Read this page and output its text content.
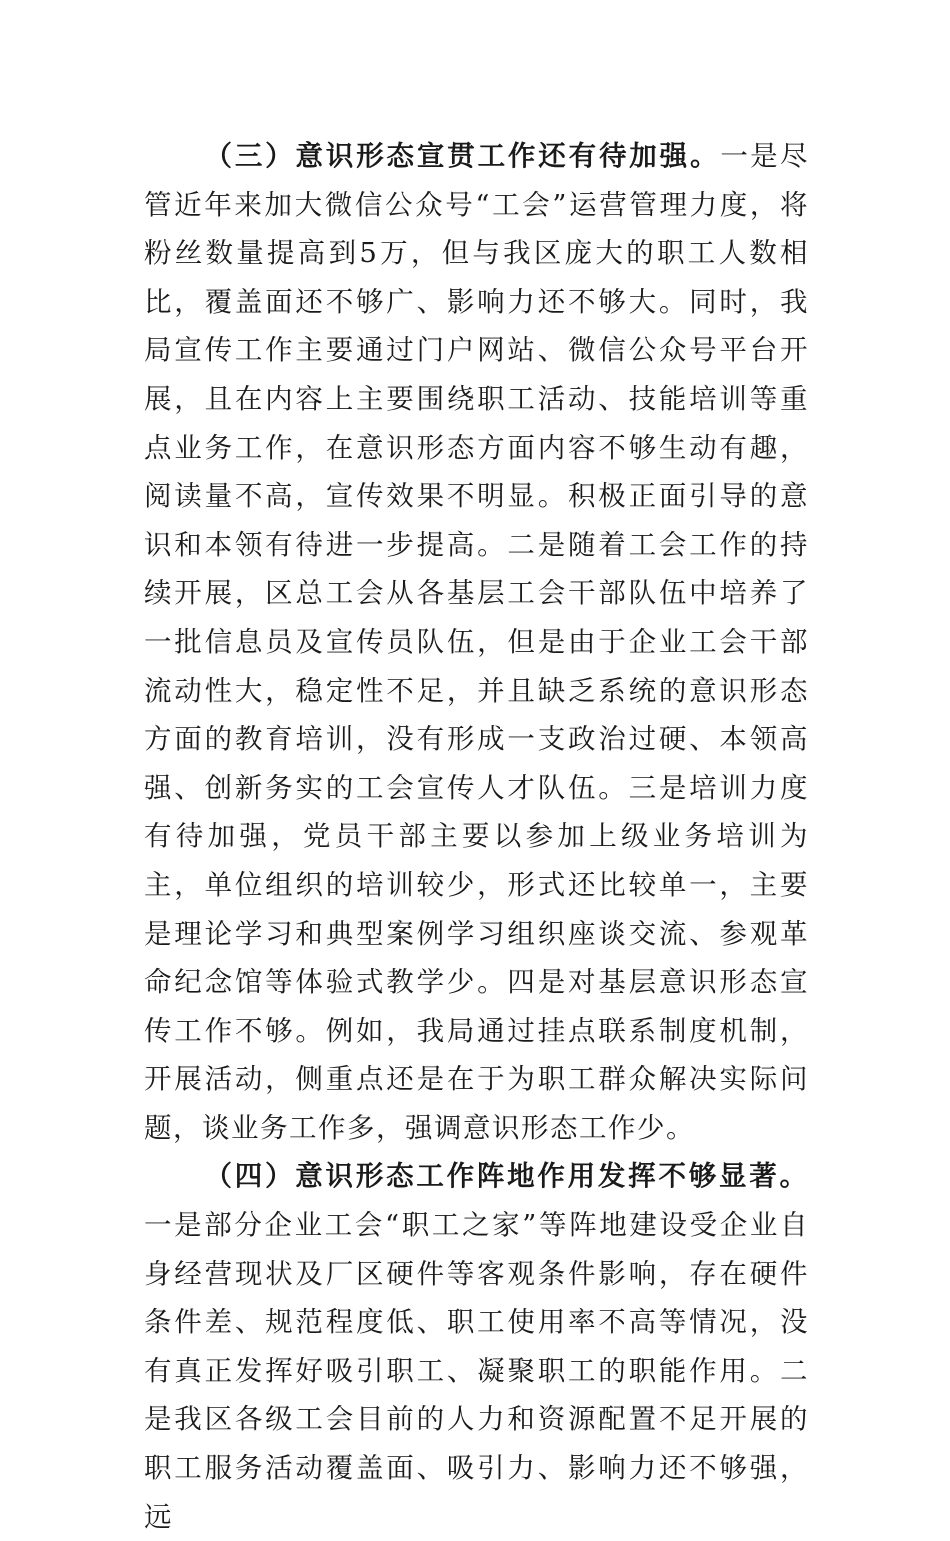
（三）意识形态宣贯工作还有待加强。一是尽管近年来加大微信公众号“工会”运营管理力度，将粉丝数量提高到5万，但与我区庞大的职工人数相比，覆盖面还不够广、影响力还不够大。同时，我局宣传工作主要通过门户网站、微信公众号平台开展，且在内容上主要围绕职工活动、技能培训等重点业务工作，在意识形态方面内容不够生动有趣，阅读量不高，宣传效果不明显。积极正面引导的意识和本领有待进一步提高。二是随着工会工作的持续开展，区总工会从各基层工会干部队伍中培养了一批信息员及宣传员队伍，但是由于企业工会干部流动性大，稳定性不足，并且缺乏系统的意识形态方面的教育培训，没有形成一支政治过硬、本领高强、创新务实的工会宣传人才队伍。三是培训力度有待加强，党员干部主要以参加上级业务培训为主，单位组织的培训较少，形式还比较单一，主要是理论学习和典型案例学习组织座谈交流、参观革命纪念馆等体验式教学少。四是对基层意识形态宣传工作不够。例如，我局通过挂点联系制度机制，开展活动，侧重点还是在于为职工群众解决实际问题，谈业务工作多，强调意识形态工作少。

（四）意识形态工作阵地作用发挥不够显著。一是部分企业工会“职工之家”等阵地建设受企业自身经营现状及厂区硬件等客观条件影响，存在硬件条件差、规范程度低、职工使用率不高等情况，没有真正发挥好吸引职工、凝聚职工的职能作用。二是我区各级工会目前的人力和资源配置不足开展的职工服务活动覆盖面、吸引力、影响力还不够强，远
